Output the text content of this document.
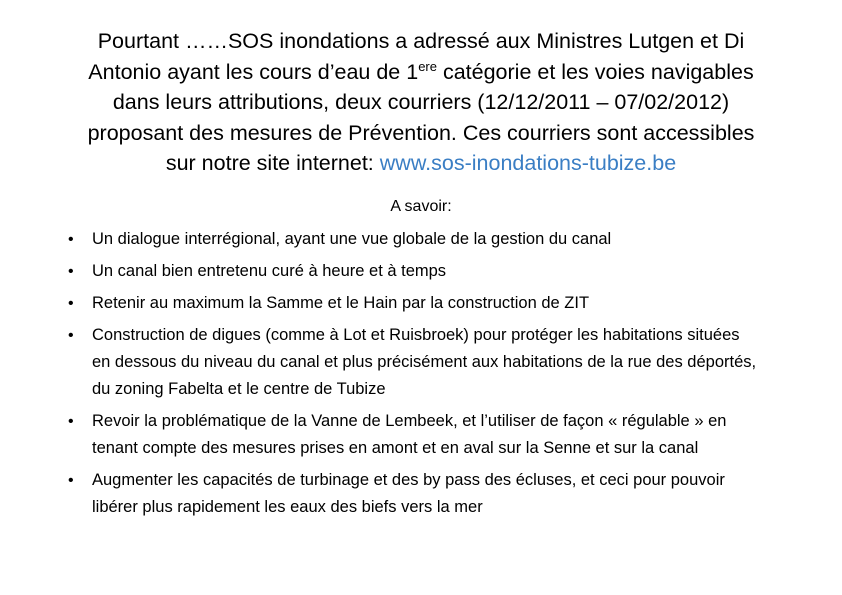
Pourtant ……SOS inondations a adressé aux Ministres Lutgen et Di
Antonio ayant les cours d’eau de 1ere catégorie et les voies navigables
dans leurs attributions, deux courriers (12/12/2011 – 07/02/2012)
proposant des mesures de Prévention. Ces courriers sont accessibles
sur notre site internet: www.sos-inondations-tubize.be
A savoir:
•	Un dialogue interrégional, ayant une vue globale de la gestion du canal
•	Un canal bien entretenu curé à heure et à temps
•	Retenir au maximum la Samme et le Hain par la construction de ZIT
•	Construction de digues (comme à Lot et Ruisbroek) pour protéger les habitations situées en dessous du niveau du canal et plus précisément aux habitations de la rue des déportés, du zoning Fabelta et le centre de Tubize
•	Revoir la problématique de la Vanne de Lembeek, et l’utiliser de façon « régulable » en tenant compte des mesures prises en amont et en aval sur la Senne et sur la canal
•	Augmenter les capacités de turbinage et des by pass des écluses, et ceci pour pouvoir libérer plus rapidement les eaux des biefs vers la mer
